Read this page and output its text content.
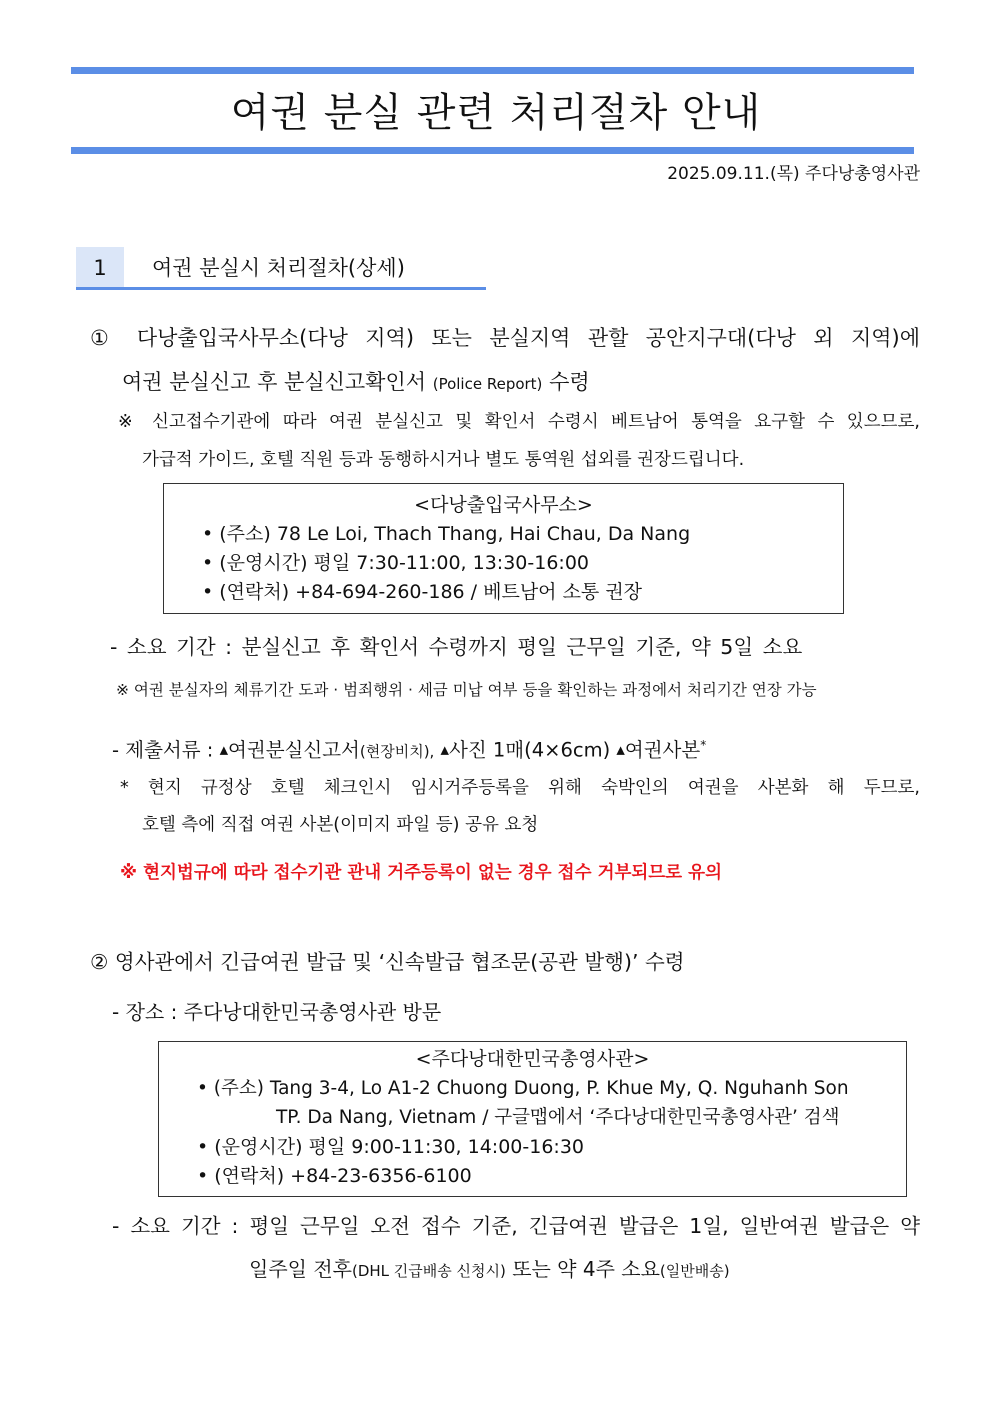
여권 분실 관련 처리절차 안내
2025.09.11.(목) 주다낭총영사관
1	여권 분실시 처리절차(상세)
① 다낭출입국사무소(다낭 지역) 또는 분실지역 관할 공안지구대(다낭 외 지역)에
여권 분실신고 후 분실신고확인서 (Police Report) 수령
※ 신고접수기관에 따라 여권 분실신고 및 확인서 수령시 베트남어 통역을 요구할 수 있으므로,
가급적 가이드, 호텔 직원 등과 동행하시거나 별도 통역원 섭외를 권장드립니다.
<다낭출입국사무소>
• (주소) 78 Le Loi, Thach Thang, Hai Chau, Da Nang
• (운영시간) 평일 7:30-11:00, 13:30-16:00
• (연락처) +84-694-260-186 / 베트남어 소통 권장
- 소요 기간 : 분실신고 후 확인서 수령까지 평일 근무일 기준, 약 5일 소요
※ 여권 분실자의 체류기간 도과 · 범죄행위 · 세금 미납 여부 등을 확인하는 과정에서 처리기간 연장 가능
- 제출서류 : ▲여권분실신고서(현장비치), ▲사진 1매(4×6cm) ▲여권사본*
* 현지 규정상 호텔 체크인시 임시거주등록을 위해 숙박인의 여권을 사본화 해 두므로,
호텔 측에 직접 여권 사본(이미지 파일 등) 공유 요청
※ 현지법규에 따라 접수기관 관내 거주등록이 없는 경우 접수 거부되므로 유의
② 영사관에서 긴급여권 발급 및 ‘신속발급 협조문(공관 발행)’ 수령
- 장소 : 주다낭대한민국총영사관 방문
<주다낭대한민국총영사관>
• (주소) Tang 3-4, Lo A1-2 Chuong Duong, P. Khue My, Q. Nguhanh Son
TP. Da Nang, Vietnam / 구글맵에서 ‘주다낭대한민국총영사관’ 검색
• (운영시간) 평일 9:00-11:30, 14:00-16:30
• (연락처) +84-23-6356-6100
- 소요 기간 : 평일 근무일 오전 접수 기준, 긴급여권 발급은 1일, 일반여권 발급은 약
일주일 전후(DHL 긴급배송 신청시) 또는 약 4주 소요(일반배송)
